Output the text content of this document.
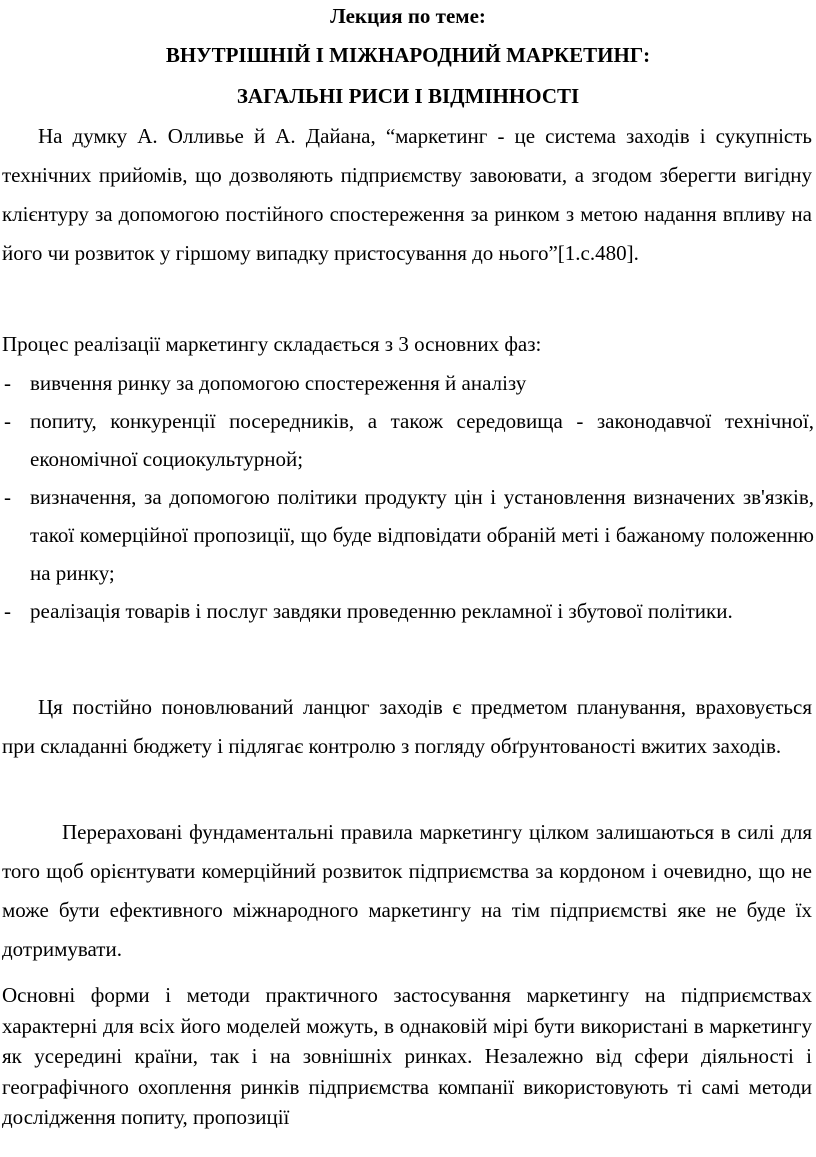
Лекция по теме:
ВНУТРІШНІЙ І МІЖНАРОДНИЙ МАРКЕТИНГ:
ЗАГАЛЬНІ РИСИ І ВІДМІННОСТІ

На думку А. Олливье й А. Дайана, “маркетинг - це система заходів і сукупність технічних прийомів, що дозволяють підприємству завоювати, а згодом зберегти вигідну клієнтуру за допомогою постійного спостереження за ринком з метою надання впливу на його чи розвиток у гіршому випадку пристосування до нього”[1.с.480].

Процес реалізації маркетингу складається з 3 основних фаз:

- вивчення ринку за допомогою спостереження й аналізу
- попиту, конкуренції посередників, а також середовища - законодавчої технічної, економічної социокультурной;
- визначення, за допомогою політики продукту цін і установлення визначених зв'язків, такої комерційної пропозиції, що буде відповідати обраній меті і бажаному положенню на ринку;
- реалізація товарів і послуг завдяки проведенню рекламної і збутової політики.

Ця постійно поновлюваний ланцюг заходів є предметом планування, враховується при складанні бюджету і підлягає контролю з погляду обґрунтованості вжитих заходів.

Перераховані фундаментальні правила маркетингу цілком залишаються в силі для того щоб орієнтувати комерційний розвиток підприємства за кордоном і очевидно, що не може бути ефективного міжнародного маркетингу на тім підприємстві яке не буде їх дотримувати.

Основні форми і методи практичного застосування маркетингу на підприємствах характерні для всіх його моделей можуть, в однаковій мірі бути використані в маркетингу як усередині країни, так і на зовнішніх ринках. Незалежно від сфери діяльності і географічного охоплення ринків підприємства компанії використовують ті самі методи дослідження попиту, пропозиції
